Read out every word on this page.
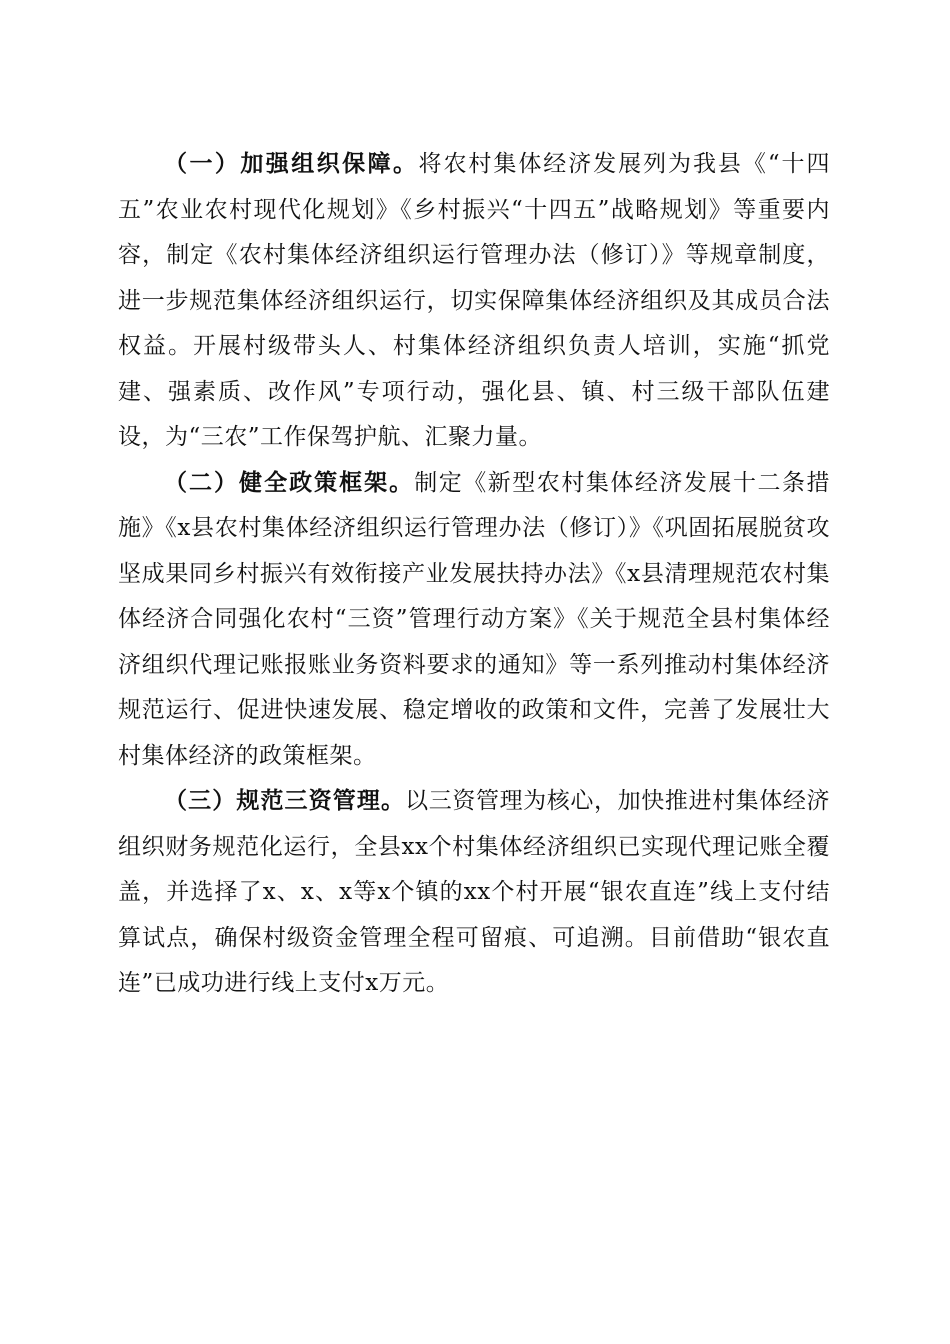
（一）加强组织保障。将农村集体经济发展列为我县《“十四五”农业农村现代化规划》《乡村振兴“十四五”战略规划》等重要内容，制定《农村集体经济组织运行管理办法（修订）》等规章制度，进一步规范集体经济组织运行，切实保障集体经济组织及其成员合法权益。开展村级带头人、村集体经济组织负责人培训，实施“抓党建、强素质、改作风”专项行动，强化县、镇、村三级干部队伍建设，为“三农”工作保驾护航、汇聚力量。

（二）健全政策框架。制定《新型农村集体经济发展十二条措施》《x县农村集体经济组织运行管理办法（修订）》《巩固拓展脱贫攻坚成果同乡村振兴有效衔接产业发展扶持办法》《x县清理规范农村集体经济合同强化农村“三资”管理行动方案》《关于规范全县村集体经济组织代理记账报账业务资料要求的通知》等一系列推动村集体经济规范运行、促进快速发展、稳定增收的政策和文件，完善了发展壮大村集体经济的政策框架。

（三）规范三资管理。以三资管理为核心，加快推进村集体经济组织财务规范化运行，全县xx个村集体经济组织已实现代理记账全覆盖，并选择了x、x、x等x个镇的xx个村开展“银农直连”线上支付结算试点，确保村级资金管理全程可留痕、可追溯。目前借助“银农直连”已成功进行线上支付x万元。
